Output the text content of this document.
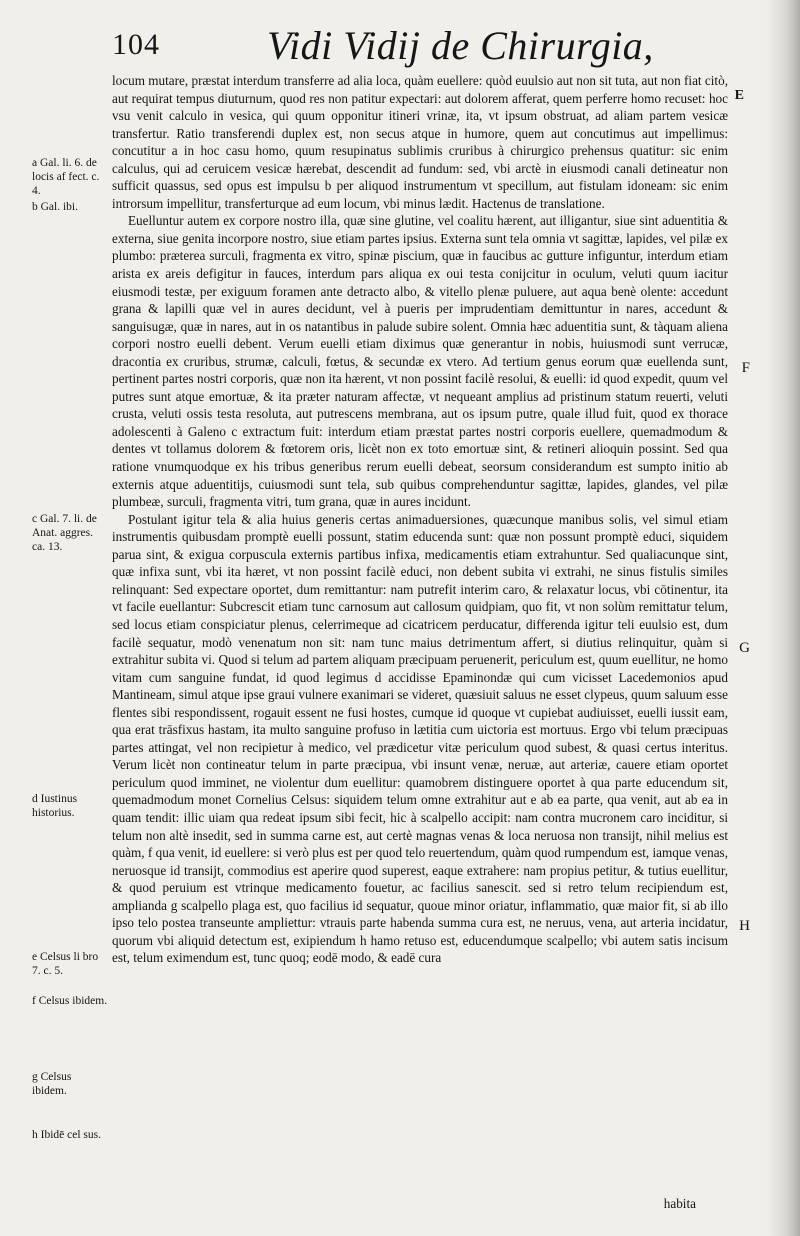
104	Vidi Vidij de Chirurgia,
E

locum mutare, præstat interdum transferre ad alia loca, quàm euellere: quòd euulsio aut non sit tuta, aut non fiat citò, aut requirat tempus diuturnum, quod res non patitur expectari: aut dolorem afferat, quem perferre homo recuset: hoc vsu venit calculo in vesica, qui quum opponitur itineri vrinæ, ita, vt ipsum obstruat, ad aliam partem vesicæ transfertur. Ratio transferendi duplex est, non secus atque in humore, quem aut concutimus aut impellimus: concutitur a in hoc casu homo, quum resupinatus sublimis cruribus à chirurgico prehensus quatitur: sic enim calculus, qui ad ceruicem vesicæ hærebat, descendit ad fundum: sed, vbi arctè in eiusmodi canali detineatur non sufficit quassus, sed opus est impulsu b per aliquod instrumentum vt specillum, aut fistulam idoneam: sic enim introrsum impellitur, transferturque ad eum locum, vbi minus lædit. Hactenus de translatione.

Euelluntur autem ex corpore nostro illa, quæ sine glutine, vel coalitu hærent, aut illigantur, siue sint aduentitia & externa, siue genita incorpore nostro, siue etiam partes ipsius. Externa sunt tela omnia vt sagittæ, lapides, vel pilæ ex plumbo: præterea surculi, fragmenta ex vitro, spinæ piscium, quæ in faucibus ac gutture infiguntur, interdum etiam arista ex areis defigitur in fauces, interdum pars aliqua ex oui testa conijcitur in oculum, veluti quum iacitur eiusmodi testæ, per exiguum foramen ante detracto albo, & vitello plenæ puluere, aut aqua benè olente: accedunt grana & lapilli quæ vel in aures decidunt, vel à pueris per imprudentiam demittuntur in nares, accedunt & sanguisugæ, quæ in nares, aut in os natantibus in palude subire solent. Omnia hæc aduentitia sunt, & tàquam aliena corpori nostro euelli debent. Verum euelli etiam diximus quæ generantur in nobis, huiusmodi sunt verrucæ, dracontia ex cruribus, strumæ, calculi, fœtus, & secundæ ex vtero. Ad tertium genus eorum quæ euellenda sunt, pertinent partes nostri corporis, quæ non ita hærent, vt non possint facilè resolui, & euelli: id quod expedit, quum vel putres sunt atque emortuæ, & ita præter naturam affectæ, vt nequeant amplius ad pristinum statum reuerti, veluti crusta, veluti ossis testa resoluta, aut putrescens membrana, aut os ipsum putre, quale illud fuit, quod ex thorace adolescenti à Galeno c extractum fuit: interdum etiam præstat partes nostri corporis euellere, quemadmodum & dentes vt tollamus dolorem & fœtorem oris, licèt non ex toto emortuæ sint, & retineri alioquin possint. Sed qua ratione vnumquodque ex his tribus generibus rerum euelli debeat, seorsum considerandum est sumpto initio ab externis atque aduentitijs, cuiusmodi sunt tela, sub quibus comprehenduntur sagittæ, lapides, glandes, vel pilæ plumbeæ, surculi, fragmenta vitri, tum grana, quæ in aures incidunt.

Postulant igitur tela & alia huius generis certas animaduersiones, quæcunque manibus solis, vel simul etiam instrumentis quibusdam promptè euelli possunt, statim educenda sunt: quæ non possunt promptè educi, siquidem parua sint, & exigua corpuscula externis partibus infixa, medicamentis etiam extrahuntur. Sed qualiacunque sint, quæ infixa sunt, vbi ita hæret, vt non possint facilè educi, non debent subita vi extrahi, ne sinus fistulis similes relinquant: Sed expectare oportet, dum remittantur: nam putrefit interim caro, & relaxatur locus, vbi cōtinentur, ita vt facile euellantur: Subcrescit etiam tunc carnosum aut callosum quidpiam, quo fit, vt non solùm remittatur telum, sed locus etiam conspiciatur plenus, celerrimeque ad cicatricem perducatur, differenda igitur teli euulsio est, dum facilè sequatur, modò venenatum non sit: nam tunc maius detrimentum affert, si diutius relinquitur, quàm si extrahitur subita vi. Quod si telum ad partem aliquam præcipuam peruenerit, periculum est, quum euellitur, ne homo vitam cum sanguine fundat, id quod legimus d accidisse Epaminondæ qui cum vicisset Lacedemonios apud Mantineam, simul atque ipse graui vulnere exanimari se videret, quæsiuit saluus ne esset clypeus, quum saluum esse flentes sibi respondissent, rogauit essent ne fusi hostes, cumque id quoque vt cupiebat audiuisset, euelli iussit eam, qua erat trāsfixus hastam, ita multo sanguine profuso in lætitia cum uictoria est mortuus. Ergo vbi telum præcipuas partes attingat, vel non recipietur à medico, vel prædicetur vitæ periculum quod subest, & quasi certus interitus. Verum licèt non contineatur telum in parte præcipua, vbi insunt venæ, neruæ, aut arteriæ, cauere etiam oportet periculum quod imminet, ne violentur dum euellitur: quamobrem distinguere oportet à qua parte educendum sit, quemadmodum monet Cornelius Celsus: siquidem telum omne extrahitur aut e ab ea parte, qua venit, aut ab ea in quam tendit: illic uiam qua redeat ipsum sibi fecit, hic à scalpello accipit: nam contra mucronem caro inciditur, si telum non altè insedit, sed in summa carne est, aut certè magnas venas & loca neruosa non transijt, nihil melius est quàm, f qua venit, id euellere: si verò plus est per quod telo reuertendum, quàm quod rumpendum est, iamque venas, neruosque id transijt, commodius est aperire quod superest, eaque extrahere: nam propius petitur, & tutius euellitur, & quod peruium est vtrinque medicamento fouetur, ac facilius sanescit. sed si retro telum recipiendum est, amplianda g scalpello plaga est, quo facilius id sequatur, quoue minor oriatur, inflammatio, quæ maior fit, si ab illo ipso telo postea transeunte ampliettur: vtrauis parte habenda summa cura est, ne neruus, vena, aut arteria incidatur, quorum vbi aliquid detectum est, exipiendum h hamo retuso est, educendumque scalpello; vbi autem satis incisum est, telum eximendum est, tunc quoq; eodē modo, & eadē cura

habita

a Gal. li. 6. de locis af fect. c. 4.

b Gal. ibi.

c Gal. 7. li. de Anat. aggres. ca. 13.

d Iustinus historius.

e Celsus li bro 7. c. 5.

f Celsus ibidem.

g Celsus ibidem.

h Ibidē cel sus.

F
G
H
